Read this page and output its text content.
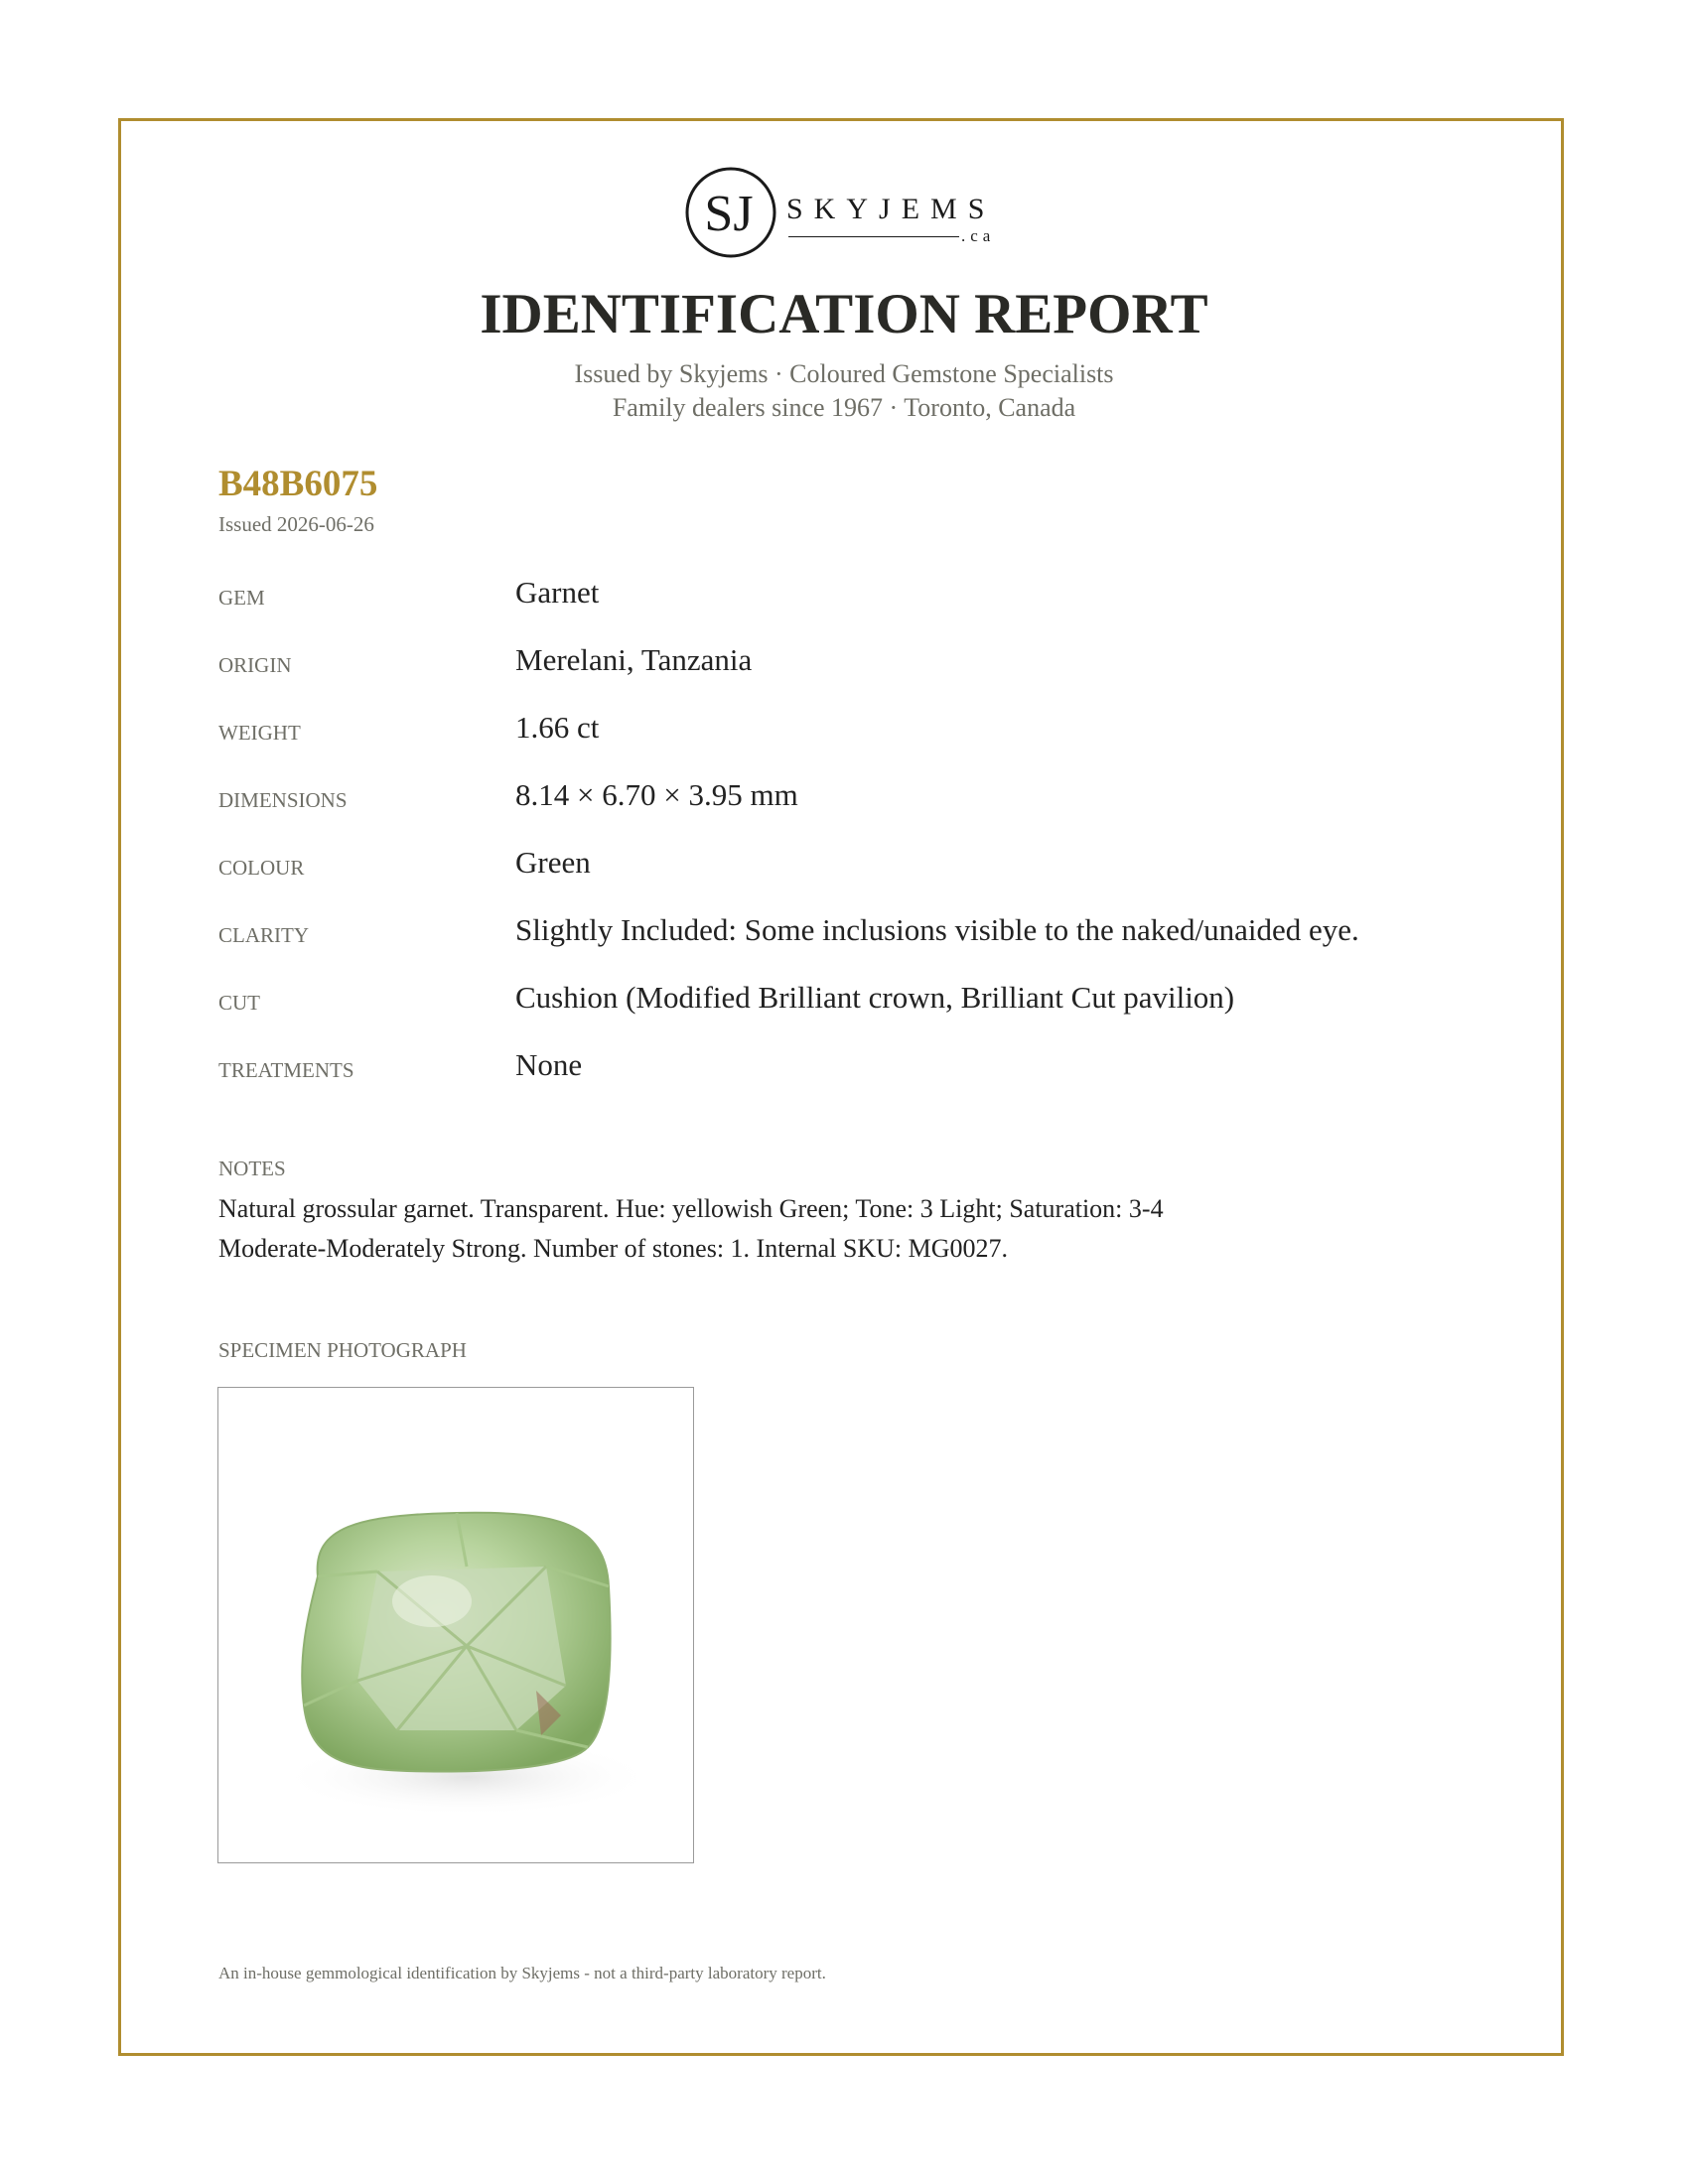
SJ SKYJEMS
.ca
IDENTIFICATION REPORT
Issued by Skyjems · Coloured Gemstone Specialists
Family dealers since 1967 · Toronto, Canada
B48B6075
Issued 2026-06-26
GEM	Garnet
ORIGIN	Merelani, Tanzania
WEIGHT	1.66 ct
DIMENSIONS	8.14 × 6.70 × 3.95 mm
COLOUR	Green
CLARITY	Slightly Included: Some inclusions visible to the naked/unaided eye.
CUT	Cushion (Modified Brilliant crown, Brilliant Cut pavilion)
TREATMENTS	None
NOTES
Natural grossular garnet. Transparent. Hue: yellowish Green; Tone: 3 Light; Saturation: 3-4
Moderate-Moderately Strong. Number of stones: 1. Internal SKU: MG0027.
SPECIMEN PHOTOGRAPH
An in-house gemmological identification by Skyjems - not a third-party laboratory report.
